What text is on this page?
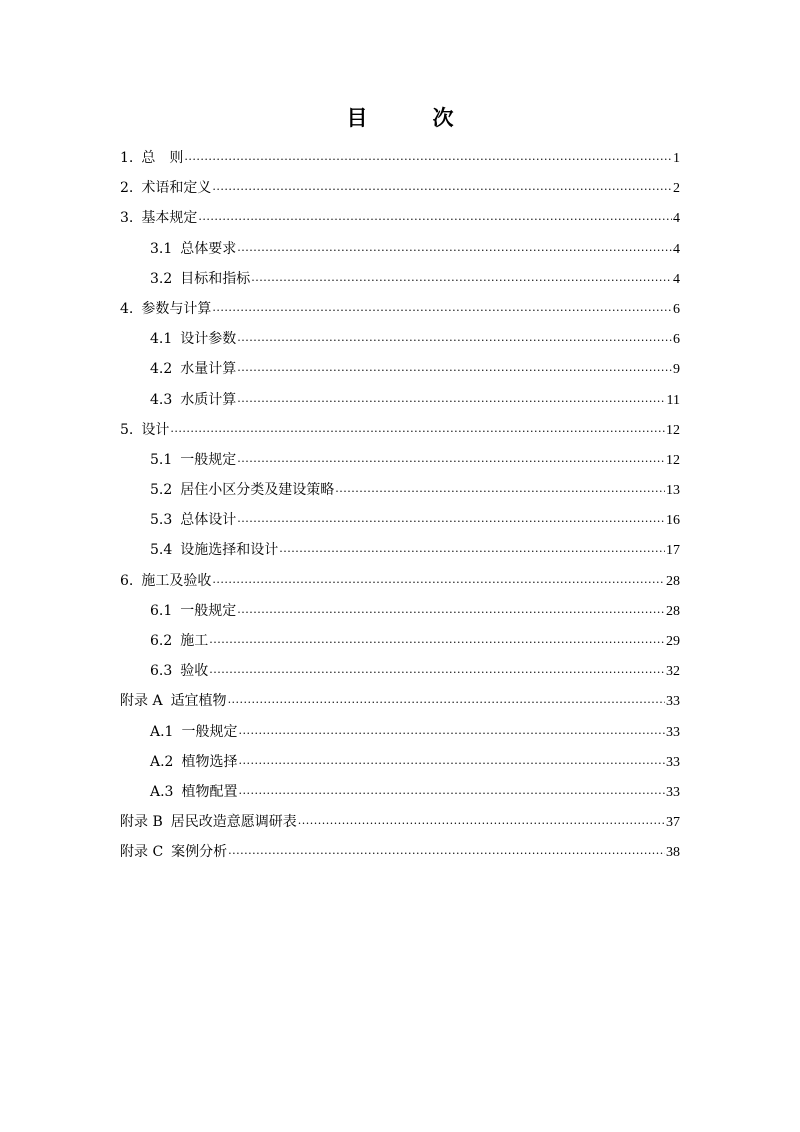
目　次
1. 总　则 .....	1
2. 术语和定义 .....	2
3. 基本规定 .....	4
3.1 总体要求 .....	4
3.2 目标和指标 .....	4
4. 参数与计算 .....	6
4.1 设计参数 .....	6
4.2 水量计算 .....	9
4.3 水质计算 .....	11
5. 设计 .....	12
5.1 一般规定 .....	12
5.2 居住小区分类及建设策略 .....	13
5.3 总体设计 .....	16
5.4 设施选择和设计 .....	17
6. 施工及验收 .....	28
6.1 一般规定 .....	28
6.2 施工 .....	29
6.3 验收 .....	32
附录 A 适宜植物 .....	33
A.1 一般规定 .....	33
A.2 植物选择 .....	33
A.3 植物配置 .....	33
附录 B 居民改造意愿调研表 .....	37
附录 C 案例分析 .....	38
